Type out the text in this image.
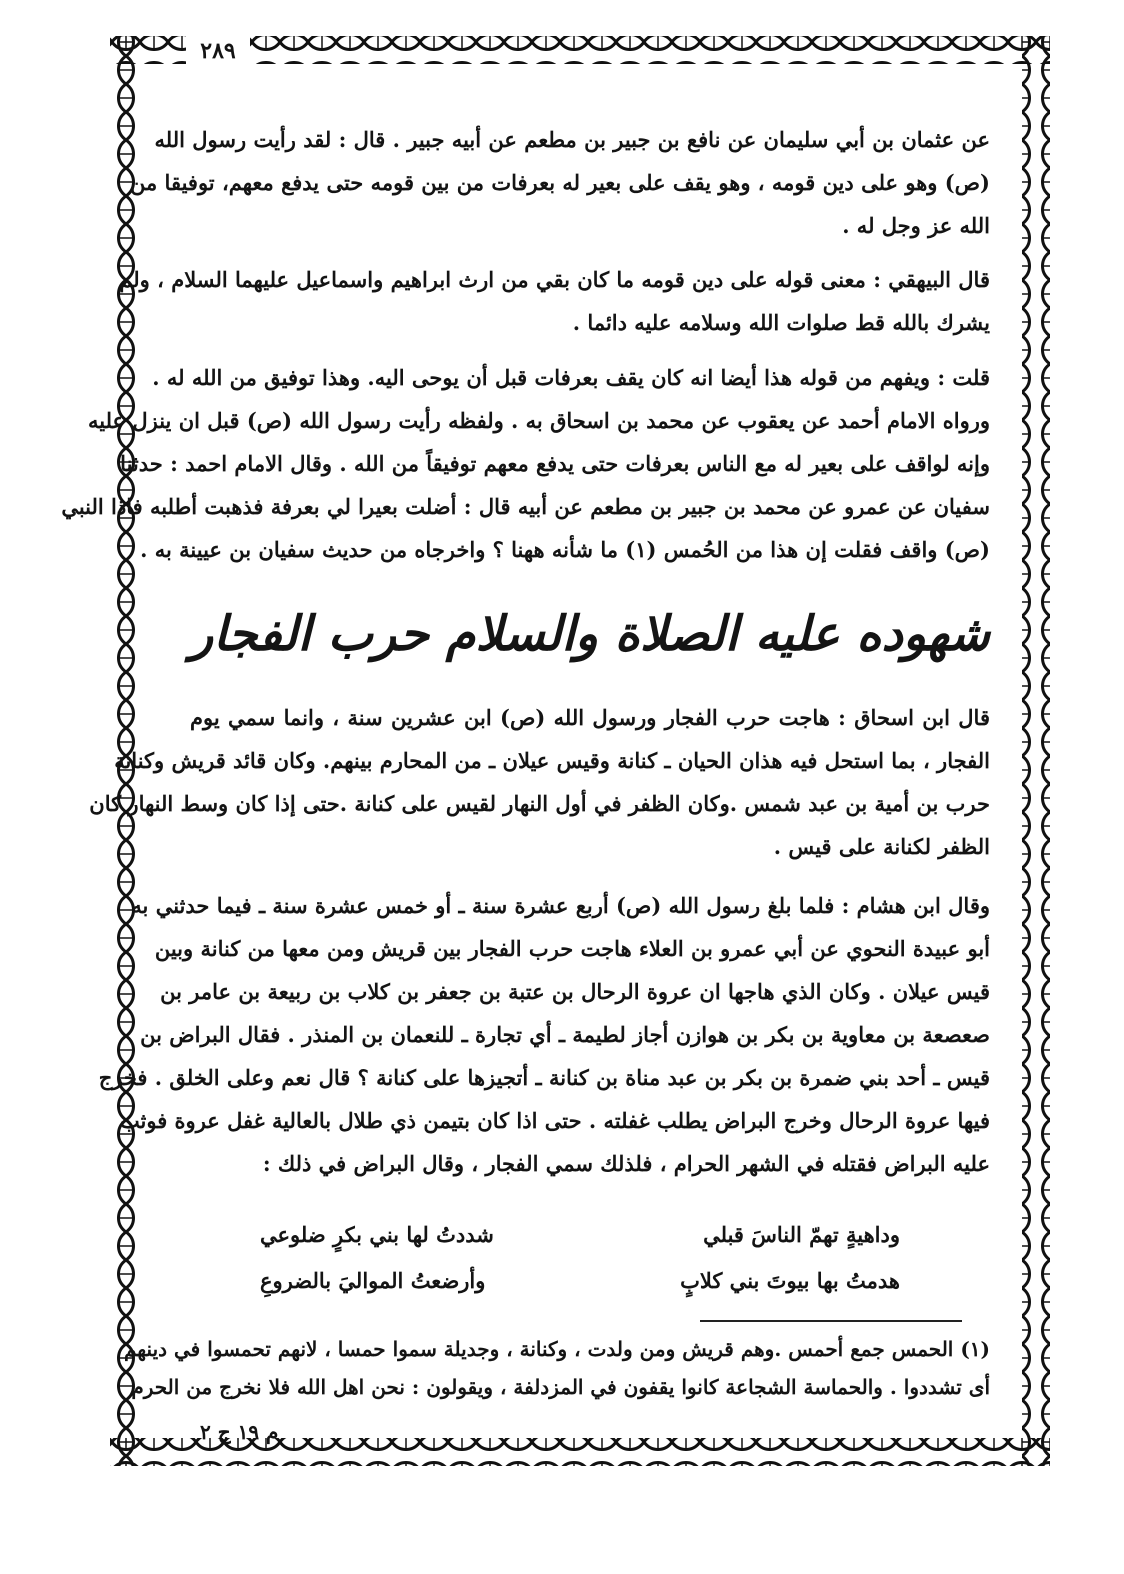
٢٨٩
عن عثمان بن أبي سليمان عن نافع بن جبير بن مطعم عن أبيه جبير . قال : لقد رأيت رسول الله
(ص) وهو على دين قومه ، وهو يقف على بعير له بعرفات من بين قومه حتى يدفع معهم، توفيقا من
الله عز وجل له .
قال البيهقي : معنى قوله على دين قومه ما كان بقي من ارث ابراهيم واسماعيل عليهما السلام ، ولم
يشرك بالله قط صلوات الله وسلامه عليه دائما .
قلت : ويفهم من قوله هذا أيضا انه كان يقف بعرفات قبل أن يوحى اليه. وهذا توفيق من الله له .
ورواه الامام أحمد عن يعقوب عن محمد بن اسحاق به . ولفظه رأيت رسول الله (ص) قبل ان ينزل عليه
وإنه لواقف على بعير له مع الناس بعرفات حتى يدفع معهم توفيقاً من الله . وقال الامام احمد : حدثنا
سفيان عن عمرو عن محمد بن جبير بن مطعم عن أبيه قال : أضلت بعيرا لي بعرفة فذهبت أطلبه فاذا النبي
(ص) واقف فقلت إن هذا من الحُمس (١) ما شأنه ههنا ؟ واخرجاه من حديث سفيان بن عيينة به .
شهوده عليه الصلاة والسلام حرب الفجار
قال ابن اسحاق : هاجت حرب الفجار ورسول الله (ص) ابن عشرين سنة ، وانما سمي يوم
الفجار ، بما استحل فيه هذان الحيان ـ كنانة وقيس عيلان ـ من المحارم بينهم. وكان قائد قريش وكنانة
حرب بن أمية بن عبد شمس .وكان الظفر في أول النهار لقيس على كنانة .حتى إذا كان وسط النهار كان
الظفر لكنانة على قيس .
وقال ابن هشام : فلما بلغ رسول الله (ص) أربع عشرة سنة ـ أو خمس عشرة سنة ـ فيما حدثني به
أبو عبيدة النحوي عن أبي عمرو بن العلاء هاجت حرب الفجار بين قريش ومن معها من كنانة وبين
قيس عيلان . وكان الذي هاجها ان عروة الرحال بن عتبة بن جعفر بن كلاب بن ربيعة بن عامر بن
صعصعة بن معاوية بن بكر بن هوازن أجاز لطيمة ـ أي تجارة ـ للنعمان بن المنذر . فقال البراض بن
قيس ـ أحد بني ضمرة بن بكر بن عبد مناة بن كنانة ـ أتجيزها على كنانة ؟ قال نعم وعلى الخلق . فخرج
فيها عروة الرحال وخرج البراض يطلب غفلته . حتى اذا كان بتيمن ذي طلال بالعالية غفل عروة فوثب
عليه البراض فقتله في الشهر الحرام ، فلذلك سمي الفجار ، وقال البراض في ذلك :
وداهيةٍ تهمّ الناسَ قبلي
شددتُ لها بني بكرٍ ضلوعي
هدمتُ بها بيوتَ بني كلابٍ
وأرضعتُ المواليَ بالضروعِ
(١) الحمس جمع أحمس .وهم قريش ومن ولدت ، وكنانة ، وجديلة سموا حمسا ، لانهم تحمسوا في دينهم
أى تشددوا . والحماسة الشجاعة كانوا يقفون في المزدلفة ، ويقولون : نحن اهل الله فلا نخرج من الحرم
م ١٩ ج ٢
